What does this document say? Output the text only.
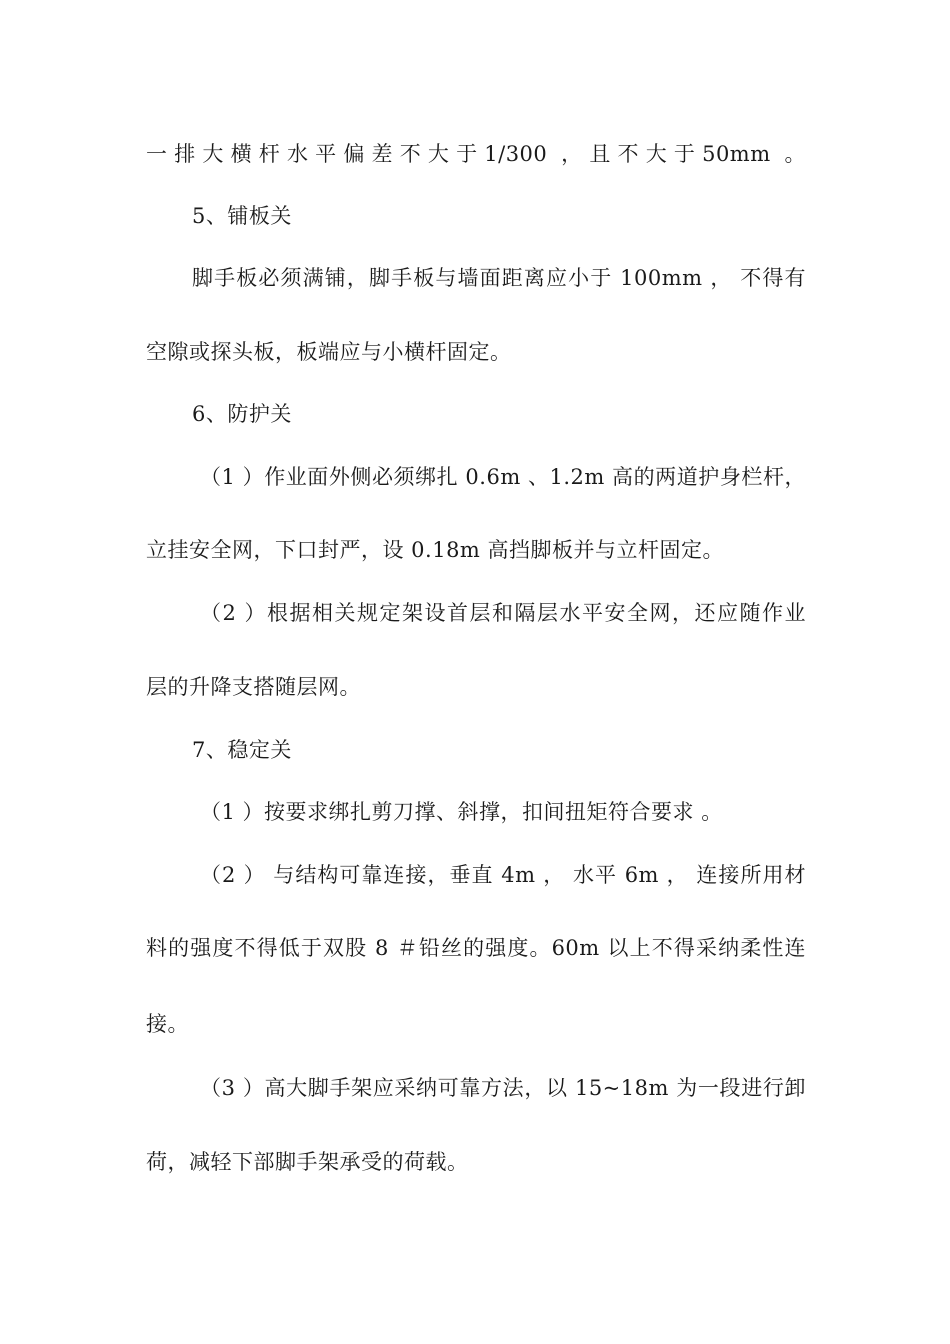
一排大横杆水平偏差不大于1/300 ，且不大于50mm 。
5、铺板关
脚手板必须满铺，脚手板与墙面距离应小于 100mm ， 不得有
空隙或探头板，板端应与小横杆固定。
6、防护关
（1 ）作业面外侧必须绑扎 0.6m 、1.2m 高的两道护身栏杆，
立挂安全网，下口封严，设 0.18m 高挡脚板并与立杆固定。
（2 ）根据相关规定架设首层和隔层水平安全网，还应随作业
层的升降支搭随层网。
7、稳定关
（1 ）按要求绑扎剪刀撑、斜撑，扣间扭矩符合要求 。
（2 ） 与结构可靠连接，垂直 4m ， 水平 6m ， 连接所用材
料的强度不得低于双股 8 ＃铅丝的强度。60m 以上不得采纳柔性连
接。
（3 ）高大脚手架应采纳可靠方法，以 15~18m 为一段进行卸
荷，减轻下部脚手架承受的荷载。
